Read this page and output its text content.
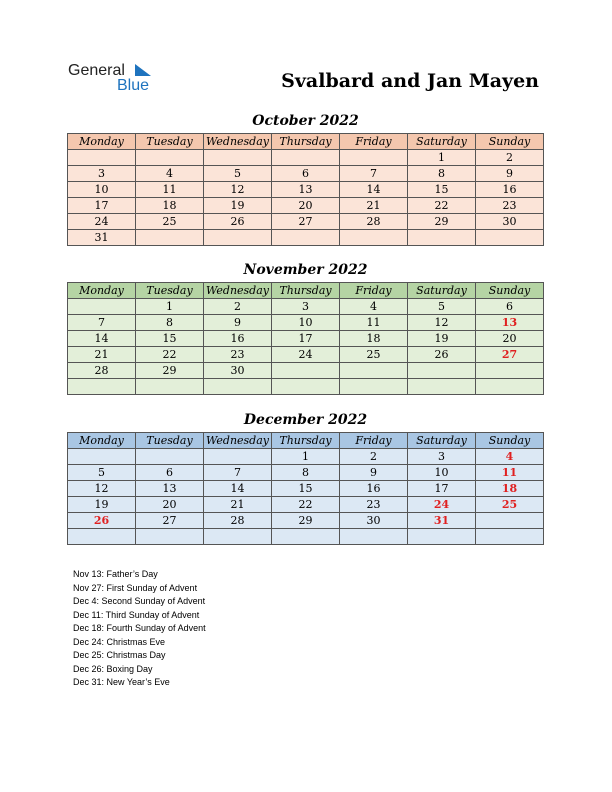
General
Blue	Svalbard and Jan Mayen
October 2022
Monday	Tuesday	Wednesday	Thursday	Friday	Saturday	Sunday
					1	2
3	4	5	6	7	8	9
10	11	12	13	14	15	16
17	18	19	20	21	22	23
24	25	26	27	28	29	30
31						
November 2022
Monday	Tuesday	Wednesday	Thursday	Friday	Saturday	Sunday
	1	2	3	4	5	6
7	8	9	10	11	12	13
14	15	16	17	18	19	20
21	22	23	24	25	26	27
28	29	30				

December 2022
Monday	Tuesday	Wednesday	Thursday	Friday	Saturday	Sunday
			1	2	3	4
5	6	7	8	9	10	11
12	13	14	15	16	17	18
19	20	21	22	23	24	25
26	27	28	29	30	31	

Nov 13: Father’s Day
Nov 27: First Sunday of Advent
Dec 4: Second Sunday of Advent
Dec 11: Third Sunday of Advent
Dec 18: Fourth Sunday of Advent
Dec 24: Christmas Eve
Dec 25: Christmas Day
Dec 26: Boxing Day
Dec 31: New Year’s Eve
